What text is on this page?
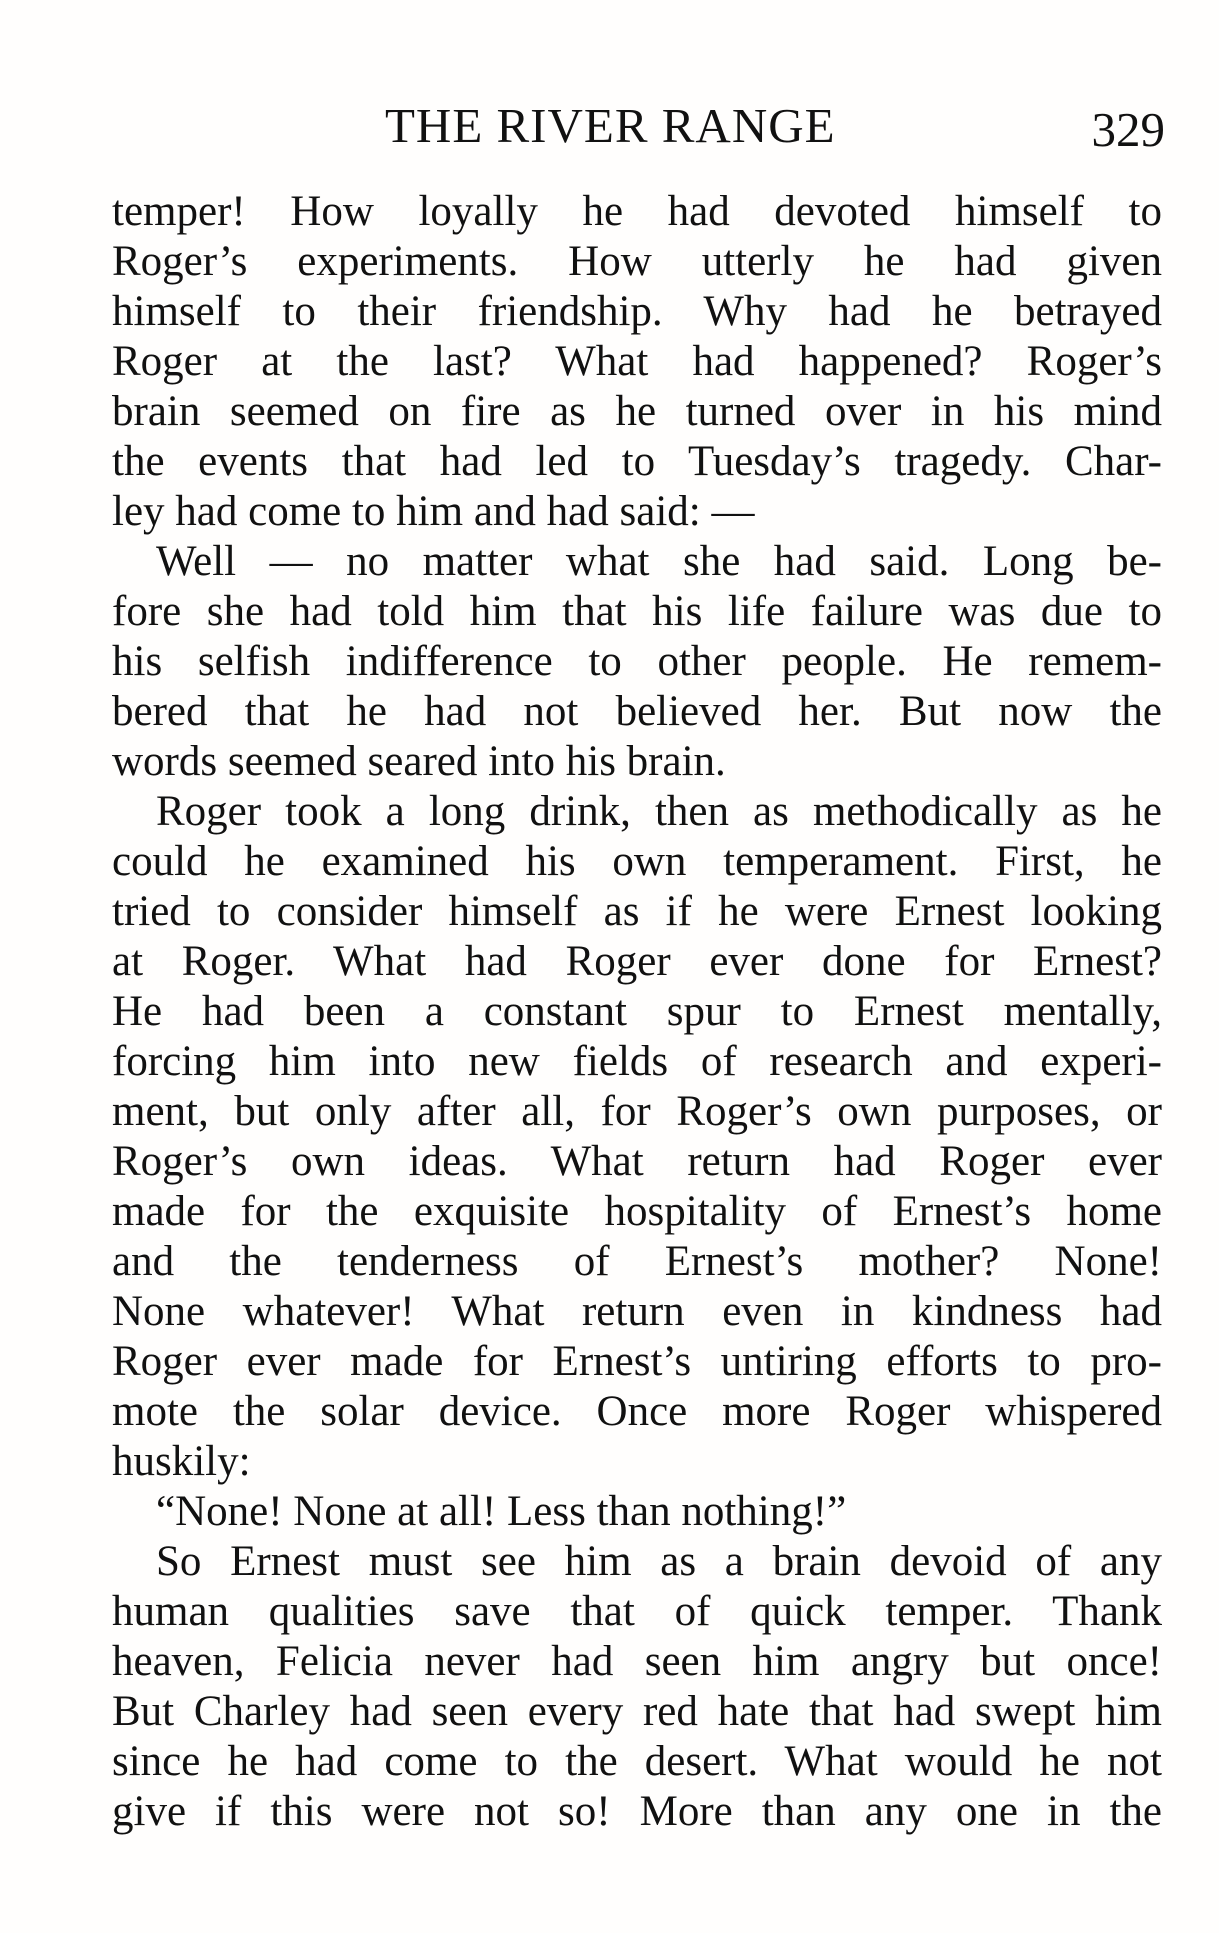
THE RIVER RANGE	329
temper! How loyally he had devoted himself to
Roger’s experiments. How utterly he had given
himself to their friendship. Why had he betrayed
Roger at the last? What had happened? Roger’s
brain seemed on fire as he turned over in his mind
the events that had led to Tuesday’s tragedy. Char-
ley had come to him and had said: —
Well — no matter what she had said. Long be-
fore she had told him that his life failure was due to
his selfish indifference to other people. He remem-
bered that he had not believed her. But now the
words seemed seared into his brain.
Roger took a long drink, then as methodically as he
could he examined his own temperament. First, he
tried to consider himself as if he were Ernest looking
at Roger. What had Roger ever done for Ernest?
He had been a constant spur to Ernest mentally,
forcing him into new fields of research and experi-
ment, but only after all, for Roger’s own purposes, or
Roger’s own ideas. What return had Roger ever
made for the exquisite hospitality of Ernest’s home
and the tenderness of Ernest’s mother? None!
None whatever! What return even in kindness had
Roger ever made for Ernest’s untiring efforts to pro-
mote the solar device. Once more Roger whispered
huskily:
“None! None at all! Less than nothing!”
So Ernest must see him as a brain devoid of any
human qualities save that of quick temper. Thank
heaven, Felicia never had seen him angry but once!
But Charley had seen every red hate that had swept him
since he had come to the desert. What would he not
give if this were not so! More than any one in the
